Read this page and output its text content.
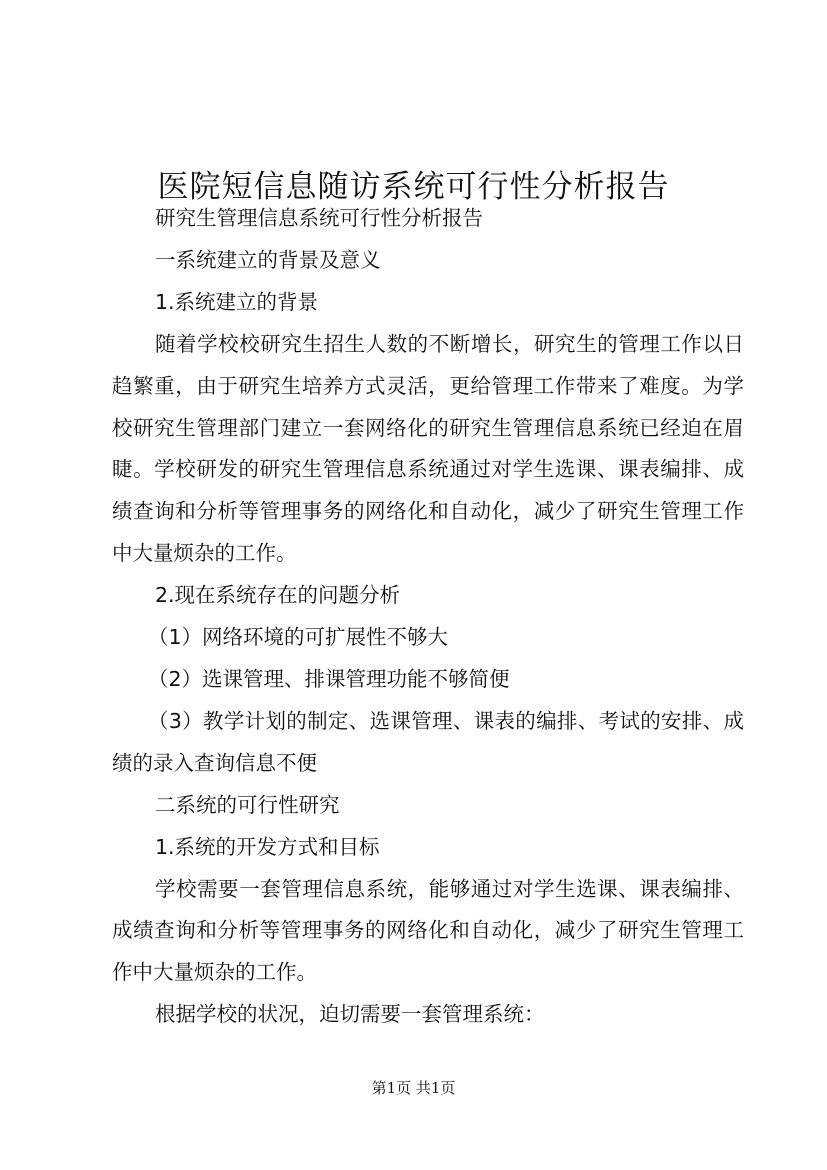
医院短信息随访系统可行性分析报告

研究生管理信息系统可行性分析报告

一系统建立的背景及意义

1.系统建立的背景

随着学校校研究生招生人数的不断增长，研究生的管理工作以日趋繁重，由于研究生培养方式灵活，更给管理工作带来了难度。为学校研究生管理部门建立一套网络化的研究生管理信息系统已经迫在眉睫。学校研发的研究生管理信息系统通过对学生选课、课表编排、成绩查询和分析等管理事务的网络化和自动化，减少了研究生管理工作中大量烦杂的工作。

2.现在系统存在的问题分析

（1）网络环境的可扩展性不够大

（2）选课管理、排课管理功能不够简便

（3）教学计划的制定、选课管理、课表的编排、考试的安排、成绩的录入查询信息不便

二系统的可行性研究

1.系统的开发方式和目标

学校需要一套管理信息系统，能够通过对学生选课、课表编排、成绩查询和分析等管理事务的网络化和自动化，减少了研究生管理工作中大量烦杂的工作。

根据学校的状况，迫切需要一套管理系统：

第1页 共1页
